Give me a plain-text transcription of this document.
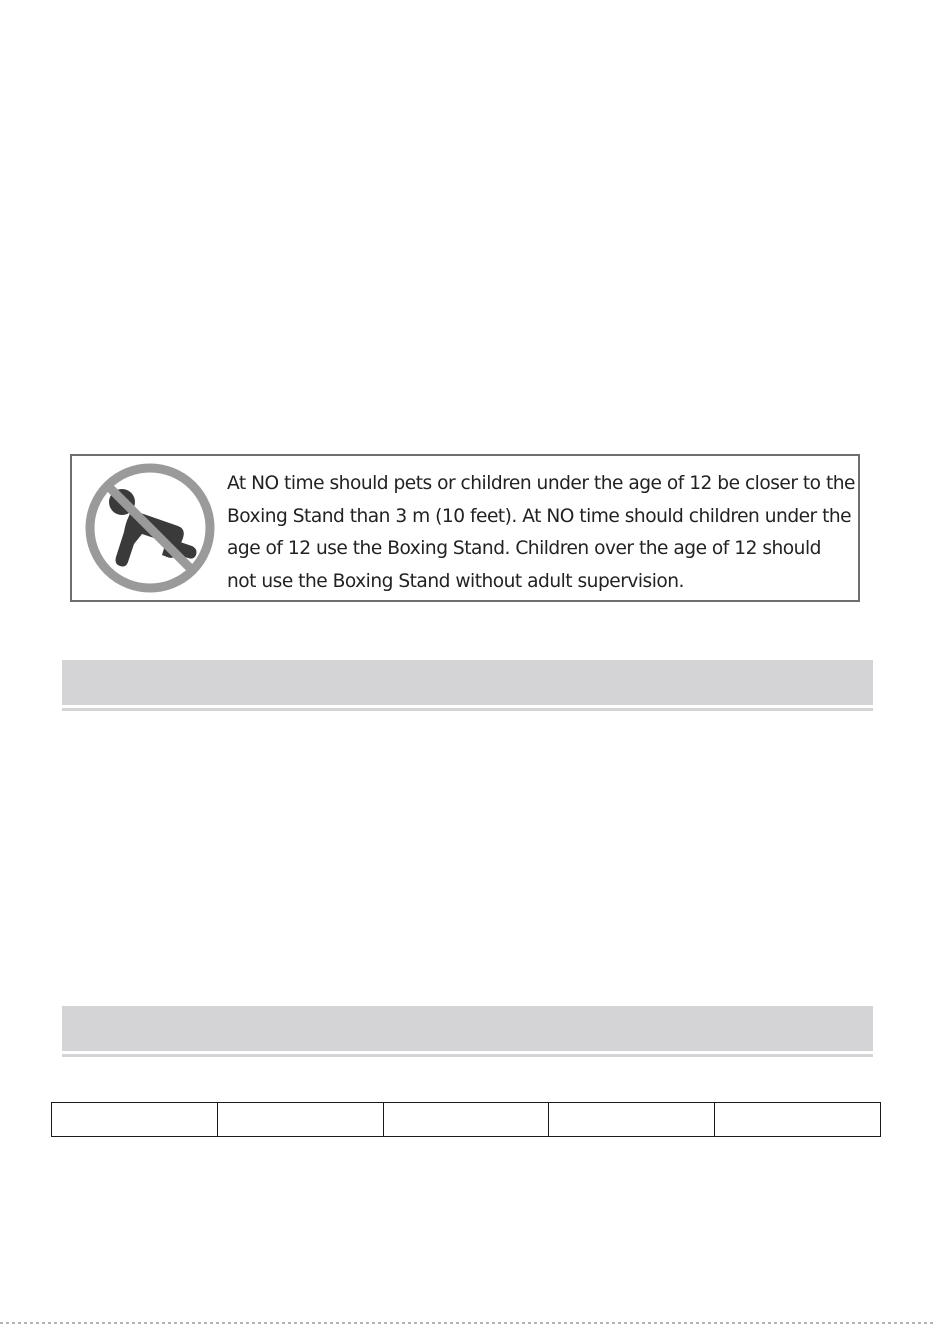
At NO time should pets or children under the age of 12 be closer to the Boxing Stand than 3 m (10 feet). At NO time should children under the age of 12 use the Boxing Stand. Children over the age of 12 should not use the Boxing Stand without adult supervision.
